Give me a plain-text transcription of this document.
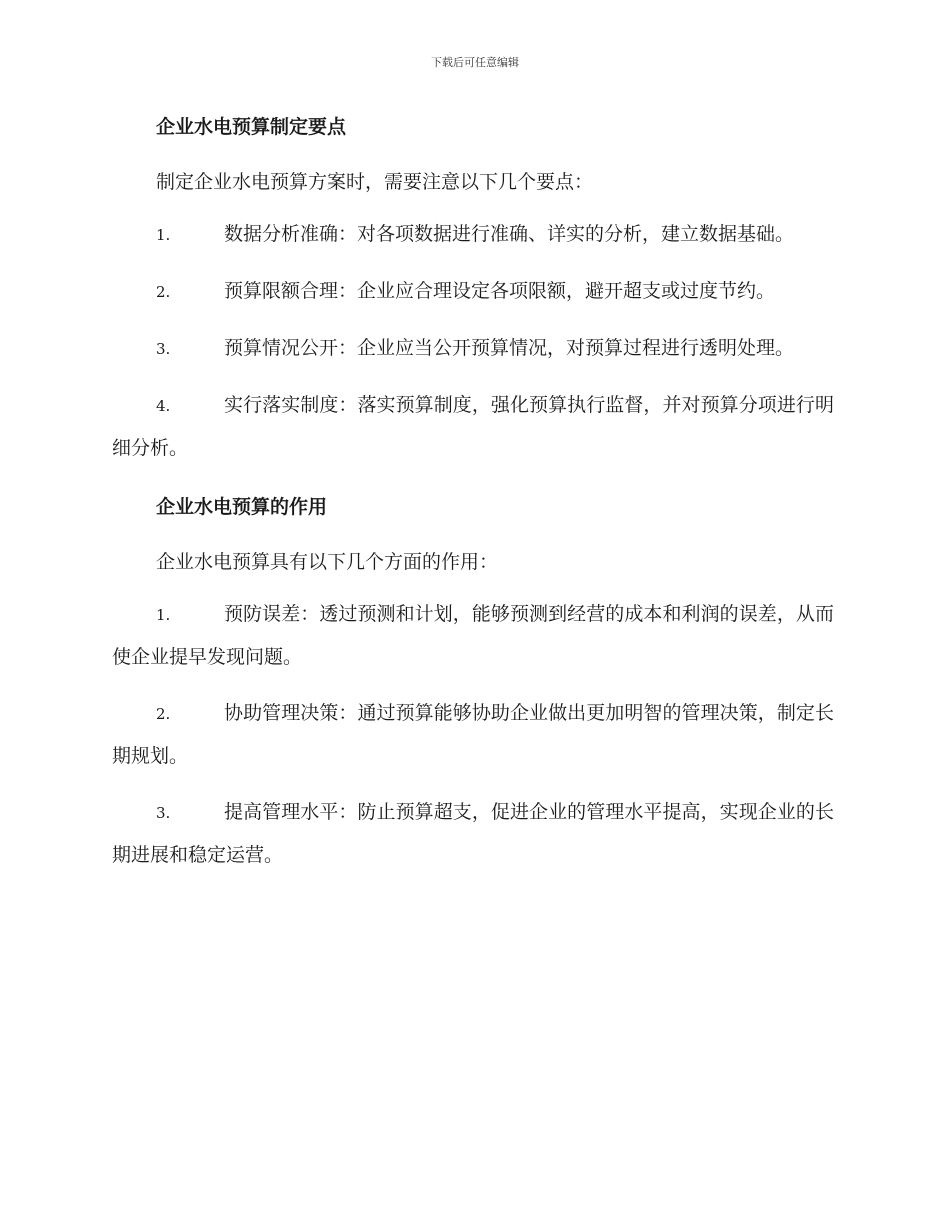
下载后可任意编辑
企业水电预算制定要点

制定企业水电预算方案时，需要注意以下几个要点：

1.	数据分析准确：对各项数据进行准确、详实的分析，建立数据基础。

2.	预算限额合理：企业应合理设定各项限额，避开超支或过度节约。

3.	预算情况公开：企业应当公开预算情况，对预算过程进行透明处理。

4.	实行落实制度：落实预算制度，强化预算执行监督，并对预算分项进行明细分析。

企业水电预算的作用

企业水电预算具有以下几个方面的作用：

1.	预防误差：透过预测和计划，能够预测到经营的成本和利润的误差，从而使企业提早发现问题。

2.	协助管理决策：通过预算能够协助企业做出更加明智的管理决策，制定长期规划。

3.	提高管理水平：防止预算超支，促进企业的管理水平提高，实现企业的长期进展和稳定运营。
